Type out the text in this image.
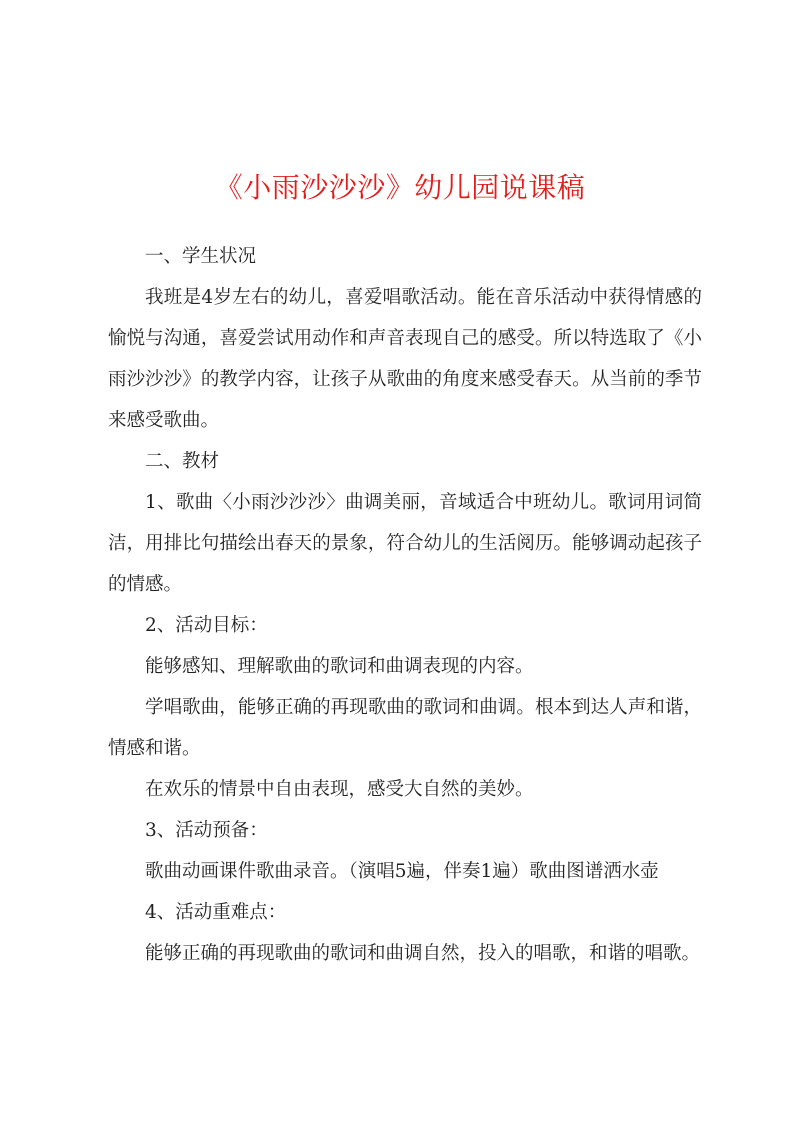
《小雨沙沙沙》幼儿园说课稿

一、学生状况

我班是4岁左右的幼儿，喜爱唱歌活动。能在音乐活动中获得情感的愉悦与沟通，喜爱尝试用动作和声音表现自己的感受。所以特选取了《小雨沙沙沙》的教学内容，让孩子从歌曲的角度来感受春天。从当前的季节来感受歌曲。

二、教材

1、歌曲〈小雨沙沙沙〉曲调美丽，音域适合中班幼儿。歌词用词简洁，用排比句描绘出春天的景象，符合幼儿的生活阅历。能够调动起孩子的情感。

2、活动目标：

能够感知、理解歌曲的歌词和曲调表现的内容。

学唱歌曲，能够正确的再现歌曲的歌词和曲调。根本到达人声和谐，情感和谐。

在欢乐的情景中自由表现，感受大自然的美妙。

3、活动预备：

歌曲动画课件歌曲录音。（演唱5遍，伴奏1遍）歌曲图谱洒水壶

4、活动重难点：

能够正确的再现歌曲的歌词和曲调自然，投入的唱歌，和谐的唱歌。
